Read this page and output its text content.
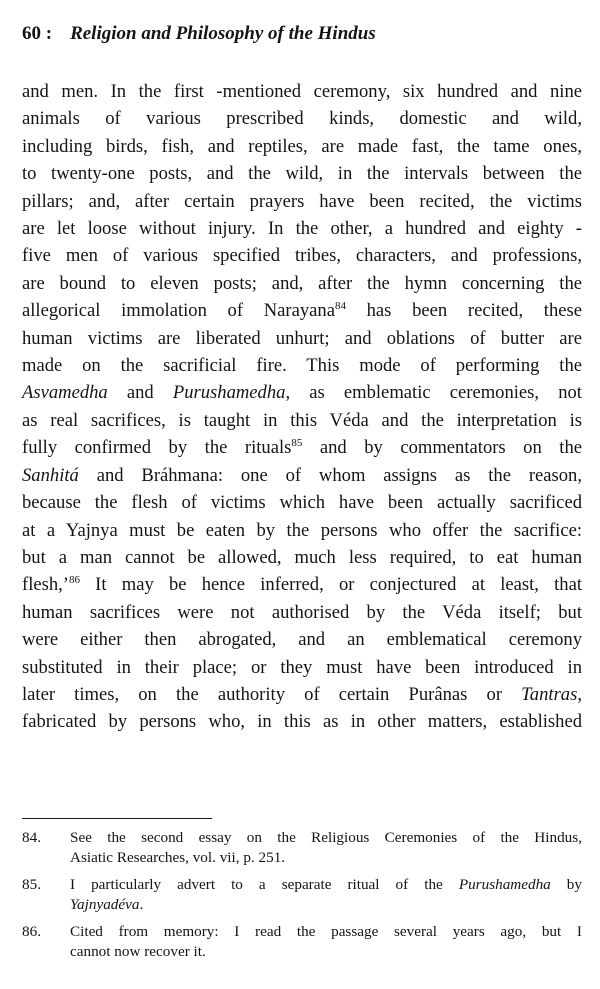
60 : Religion and Philosophy of the Hindus
and men. In the first -mentioned ceremony, six hundred and nine
animals of various prescribed kinds, domestic and wild,
including birds, fish, and reptiles, are made fast, the tame ones,
to twenty-one posts, and the wild, in the intervals between the
pillars; and, after certain prayers have been recited, the victims
are let loose without injury. In the other, a hundred and eighty -
five men of various specified tribes, characters, and professions,
are bound to eleven posts; and, after the hymn concerning the
allegorical immolation of Narayana$^{84}$ has been recited, these
human victims are liberated unhurt; and oblations of butter are
made on the sacrificial fire. This mode of performing the
Asvamedha and Purushamedha, as emblematic ceremonies, not
as real sacrifices, is taught in this Véda and the interpretation is
fully confirmed by the rituals$^{85}$ and by commentators on the
Sanhitá and Bráhmana: one of whom assigns as the reason,
because the flesh of victims which have been actually sacrificed
at a Yajnya must be eaten by the persons who offer the sacrifice:
but a man cannot be allowed, much less required, to eat human
flesh,’$^{86}$ It may be hence inferred, or conjectured at least, that
human sacrifices were not authorised by the Véda itself; but
were either then abrogated, and an emblematical ceremony
substituted in their place; or they must have been introduced in
later times, on the authority of certain Purânas or Tantras,
fabricated by persons who, in this as in other matters, established
84. See the second essay on the Religious Ceremonies of the Hindus,
Asiatic Researches, vol. vii, p. 251.
85. I particularly advert to a separate ritual of the Purushamedha by
Yajnyadéva.
86. Cited from memory: I read the passage several years ago, but I
cannot now recover it.
